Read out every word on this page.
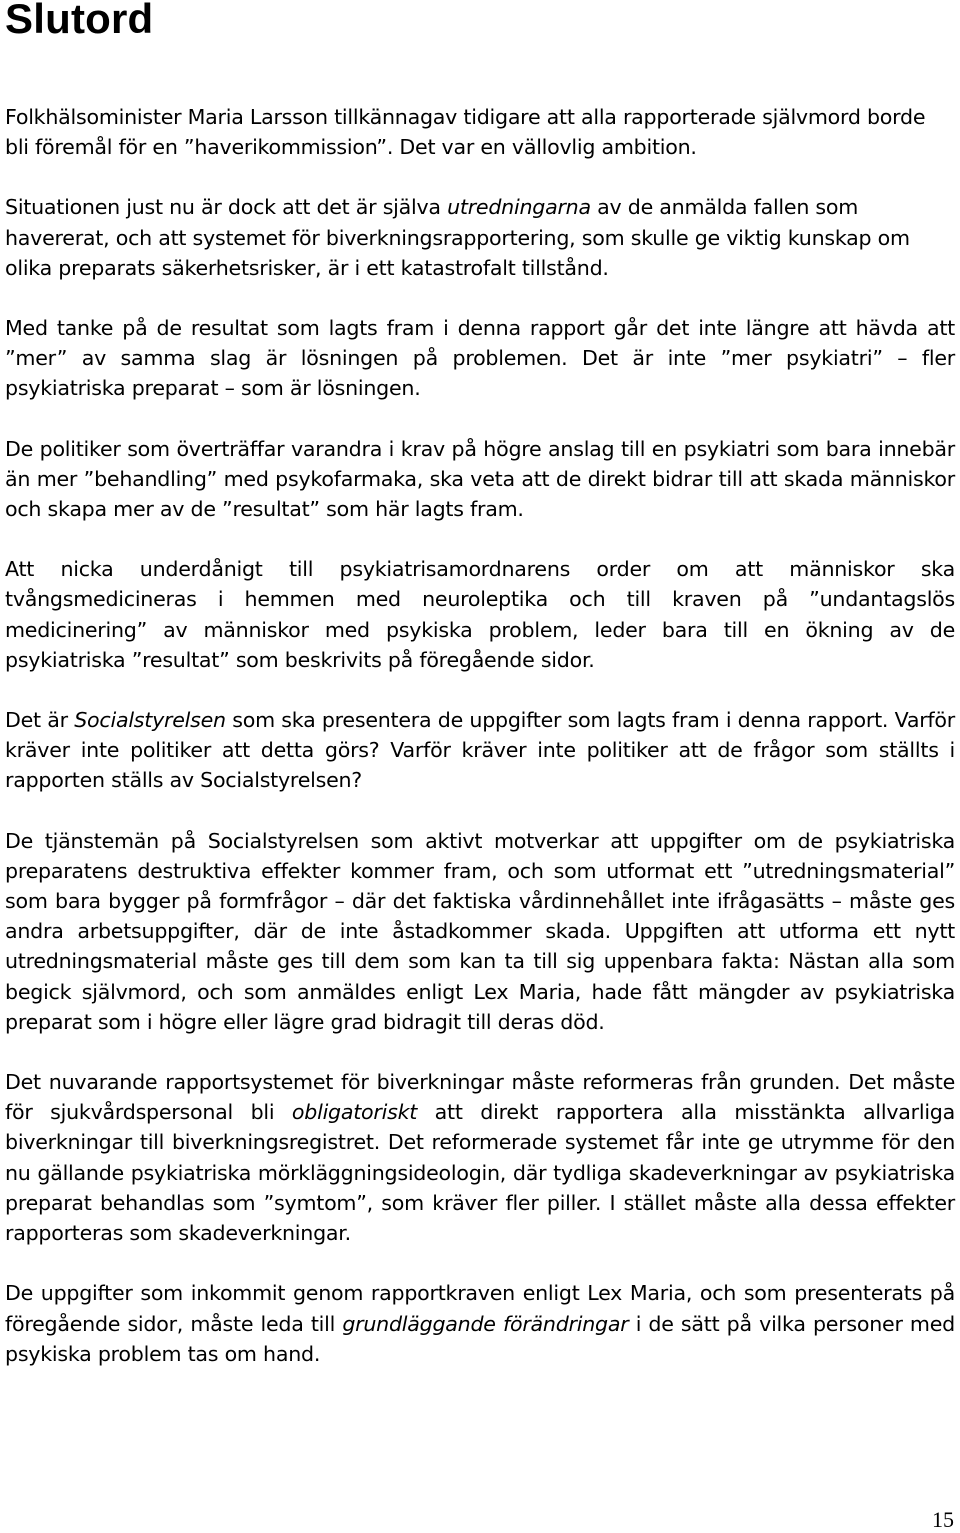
Slutord

Folkhälsominister Maria Larsson tillkännagav tidigare att alla rapporterade självmord borde bli föremål för en ”haverikommission”. Det var en vällovlig ambition.

Situationen just nu är dock att det är själva utredningarna av de anmälda fallen som havererat, och att systemet för biverkningsrapportering, som skulle ge viktig kunskap om olika preparats säkerhetsrisker, är i ett katastrofalt tillstånd.

Med tanke på de resultat som lagts fram i denna rapport går det inte längre att hävda att ”mer” av samma slag är lösningen på problemen. Det är inte ”mer psykiatri” – fler psykiatriska preparat – som är lösningen.

De politiker som överträffar varandra i krav på högre anslag till en psykiatri som bara innebär än mer ”behandling” med psykofarmaka, ska veta att de direkt bidrar till att skada människor och skapa mer av de ”resultat” som här lagts fram.

Att nicka underdånigt till psykiatrisamordnarens order om att människor ska tvångsmedicineras i hemmen med neuroleptika och till kraven på ”undantagslös medicinering” av människor med psykiska problem, leder bara till en ökning av de psykiatriska ”resultat” som beskrivits på föregående sidor.

Det är Socialstyrelsen som ska presentera de uppgifter som lagts fram i denna rapport. Varför kräver inte politiker att detta görs? Varför kräver inte politiker att de frågor som ställts i rapporten ställs av Socialstyrelsen?

De tjänstemän på Socialstyrelsen som aktivt motverkar att uppgifter om de psykiatriska preparatens destruktiva effekter kommer fram, och som utformat ett ”utredningsmaterial” som bara bygger på formfrågor – där det faktiska vårdinnehållet inte ifrågasätts – måste ges andra arbetsuppgifter, där de inte åstadkommer skada. Uppgiften att utforma ett nytt utredningsmaterial måste ges till dem som kan ta till sig uppenbara fakta: Nästan alla som begick självmord, och som anmäldes enligt Lex Maria, hade fått mängder av psykiatriska preparat som i högre eller lägre grad bidragit till deras död.

Det nuvarande rapportsystemet för biverkningar måste reformeras från grunden. Det måste för sjukvårdspersonal bli obligatoriskt att direkt rapportera alla misstänkta allvarliga biverkningar till biverkningsregistret. Det reformerade systemet får inte ge utrymme för den nu gällande psykiatriska mörkläggningsideologin, där tydliga skadeverkningar av psykiatriska preparat behandlas som ”symtom”, som kräver fler piller. I stället måste alla dessa effekter rapporteras som skadeverkningar.

De uppgifter som inkommit genom rapportkraven enligt Lex Maria, och som presenterats på föregående sidor, måste leda till grundläggande förändringar i de sätt på vilka personer med psykiska problem tas om hand.

15
